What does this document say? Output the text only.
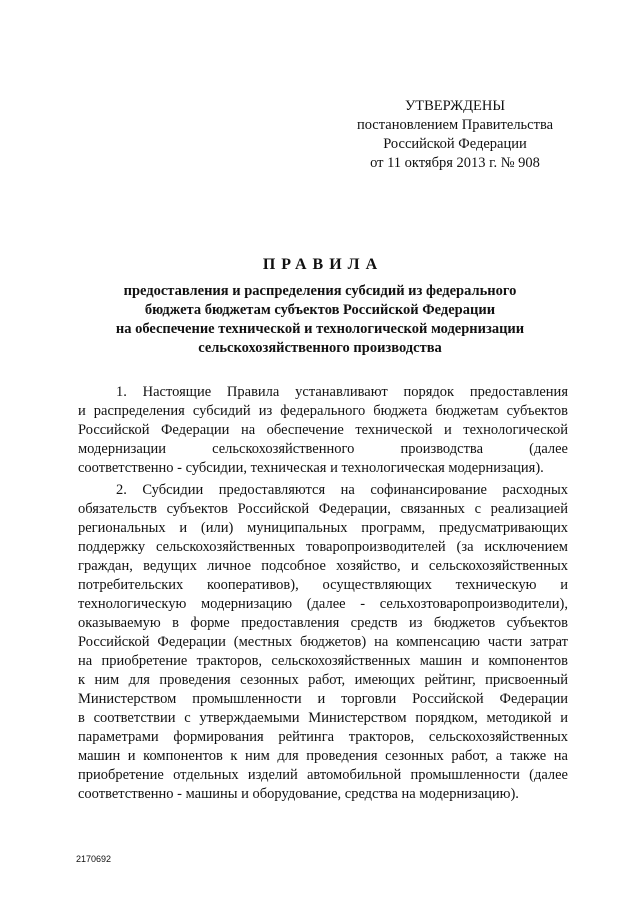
УТВЕРЖДЕНЫ
постановлением Правительства
Российской Федерации
от 11 октября 2013 г. № 908
ПРАВИЛА
предоставления и распределения субсидий из федерального
бюджета бюджетам субъектов Российской Федерации
на обеспечение технической и технологической модернизации
сельскохозяйственного производства
1. Настоящие Правила устанавливают порядок предоставления
и распределения субсидий из федерального бюджета бюджетам субъектов
Российской Федерации на обеспечение технической и технологической
модернизации сельскохозяйственного производства (далее
соответственно - субсидии, техническая и технологическая модернизация).
2. Субсидии предоставляются на софинансирование расходных
обязательств субъектов Российской Федерации, связанных с реализацией
региональных и (или) муниципальных программ, предусматривающих
поддержку сельскохозяйственных товаропроизводителей (за исключением
граждан, ведущих личное подсобное хозяйство, и сельскохозяйственных
потребительских кооперативов), осуществляющих техническую и
технологическую модернизацию (далее - сельхозтоваропроизводители),
оказываемую в форме предоставления средств из бюджетов субъектов
Российской Федерации (местных бюджетов) на компенсацию части затрат
на приобретение тракторов, сельскохозяйственных машин и компонентов
к ним для проведения сезонных работ, имеющих рейтинг, присвоенный
Министерством промышленности и торговли Российской Федерации
в соответствии с утверждаемыми Министерством порядком, методикой и
параметрами формирования рейтинга тракторов, сельскохозяйственных
машин и компонентов к ним для проведения сезонных работ, а также на
приобретение отдельных изделий автомобильной промышленности (далее
соответственно - машины и оборудование, средства на модернизацию).
2170692
